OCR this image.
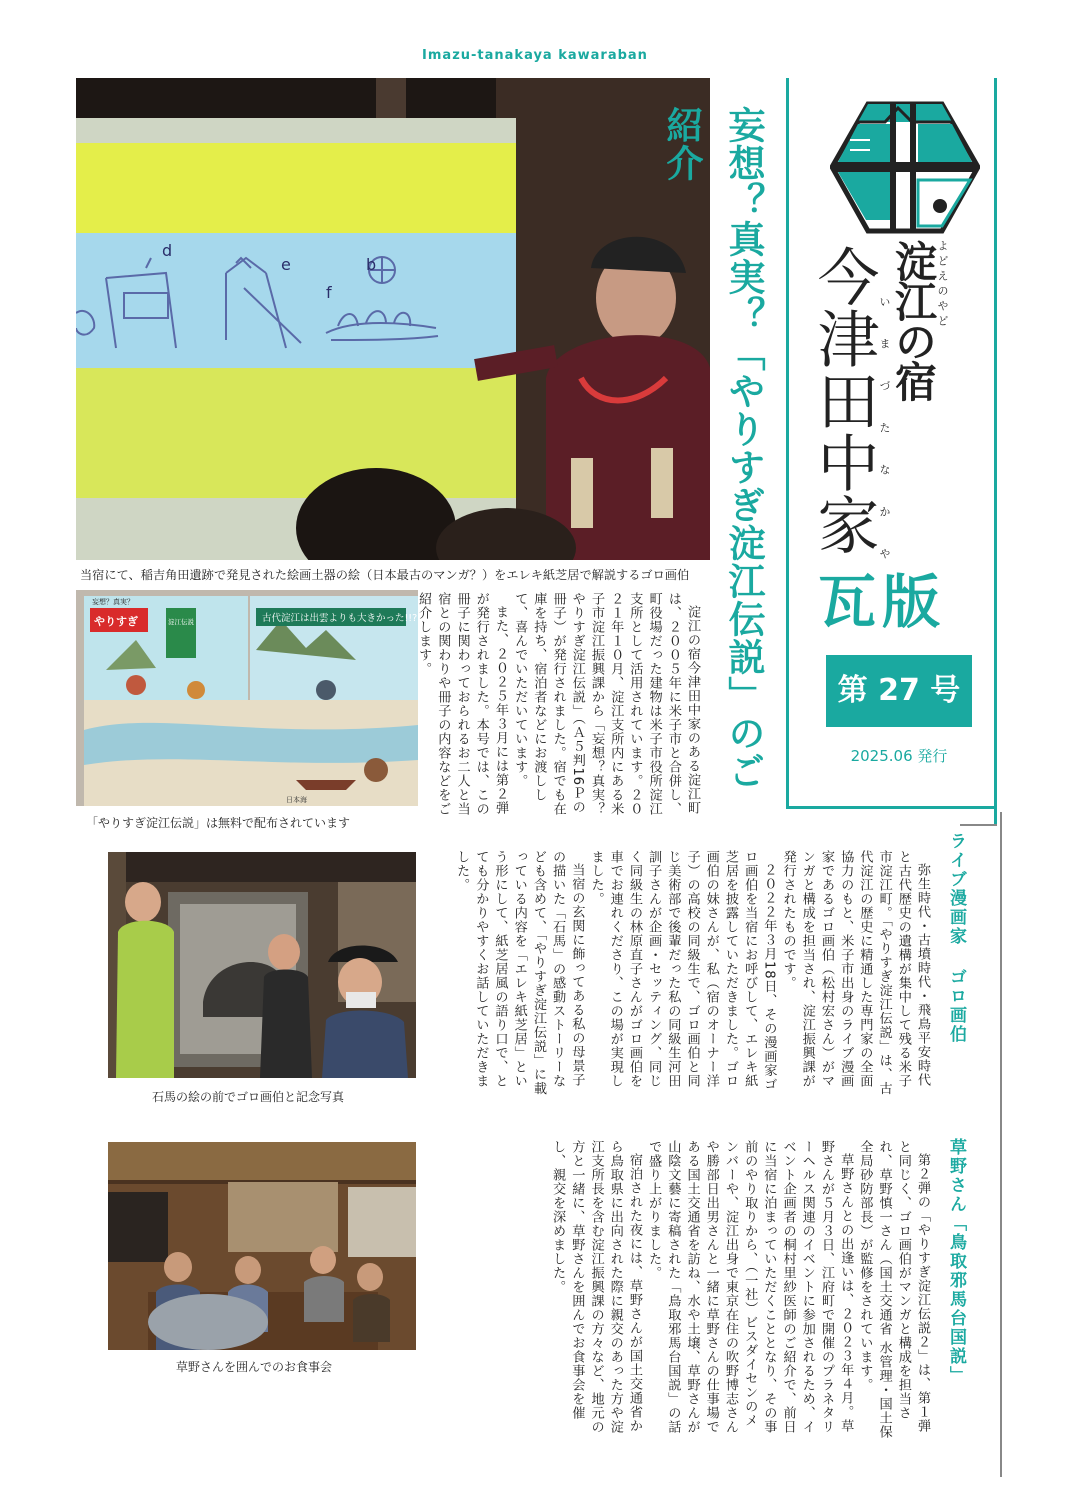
Imazu-tanakaya kawaraban
d
e	b
f
当宿にて、稲吉角田遺跡で発見された絵画土器の絵（日本最古のマンガ？）をエレキ紙芝居で解説するゴロ画伯 妄想？真実？「やりすぎ淀江伝説」のご紹介
よどえのやど
淀江の宿
いまづたなかや
今津田中家
瓦版
第 27 号
2025.06 発行
古代淀江は出雲よりも大きかった!!?
妄想？真実？
やりすぎ	淀江伝説
日本海
「やりすぎ淀江伝説」は無料で配布されています

淀江の宿今津田中家のある淀江町は、２００５年に米子市と合併し、町役場だった建物は米子市役所淀江支所として活用されています。２０２１年１０月、淀江支所内にある米子市淀江振興課から「妄想？真実？やりすぎ淀江伝説」（Ａ５判16Ｐの冊子）が発行されました。宿でも在庫を持ち、宿泊者などにお渡しして、喜んでいただいています。

また、２０２５年３月には第２弾が発行されました。本号では、この冊子に関わっておられるお二人と当宿との関わりや冊子の内容などをご紹介します。

石馬の絵の前でゴロ画伯と記念写真
草野さんを囲んでのお食事会
ライブ漫画家 ゴロ画伯

弥生時代・古墳時代・飛鳥平安時代と古代歴史の遺構が集中して残る米子市淀江町。「やりすぎ淀江伝説」は、古代淀江の歴史に精通した専門家の全面協力のもと、米子市出身のライブ漫画家であるゴロ画伯（松村宏さん）がマンガと構成を担当され、淀江振興課が発行されたものです。

２０２２年３月18日、その漫画家ゴロ画伯を当宿にお呼びして、エレキ紙芝居を披露していただきました。ゴロ画伯の妹さんが、私（宿のオーナー洋子）の高校の同級生で、ゴロ画伯と同じ美術部で後輩だった私の同級生河田訓子さんが企画・セッティング、同じく同級生の林原直子さんがゴロ画伯を車でお連れくださり、この場が実現しました。

当宿の玄関に飾ってある私の母景子の描いた「石馬」の感動ストーリーなども含めて、「やりすぎ淀江伝説」に載っている内容を「エレキ紙芝居」という形にして、紙芝居風の語り口で、とても分かりやすくお話していただきました。

草野さん「鳥取邪馬台国説」

第２弾の「やりすぎ淀江伝説２」は、第１弾と同じく、ゴロ画伯がマンガと構成を担当され、草野慎一さん（国土交通省 水管理・国土保全局砂防部長）が監修をされています。

草野さんとの出逢いは、２０２３年４月。草野さんが５月３日、江府町で開催のプラネタリーヘルス関連のイベントに参加されるため、イベント企画者の桐村里紗医師のご紹介で、前日に当宿に泊まっていただくこととなり、その事前のやり取りから、（一社）ビスダイセンのメンバーや、淀江出身で東京在住の吹野博志さんや勝部日出男さんと一緒に草野さんの仕事場である国土交通省を訪ね、水や土壌、草野さんが山陰文藝に寄稿された「鳥取邪馬台国説」の話で盛り上がりました。

宿泊された夜には、草野さんが国土交通省から鳥取県に出向された際に親交のあった方や淀江支所長を含む淀江振興課の方々など、地元の方と一緒に、草野さんを囲んでお食事会を催し、親交を深めました。
